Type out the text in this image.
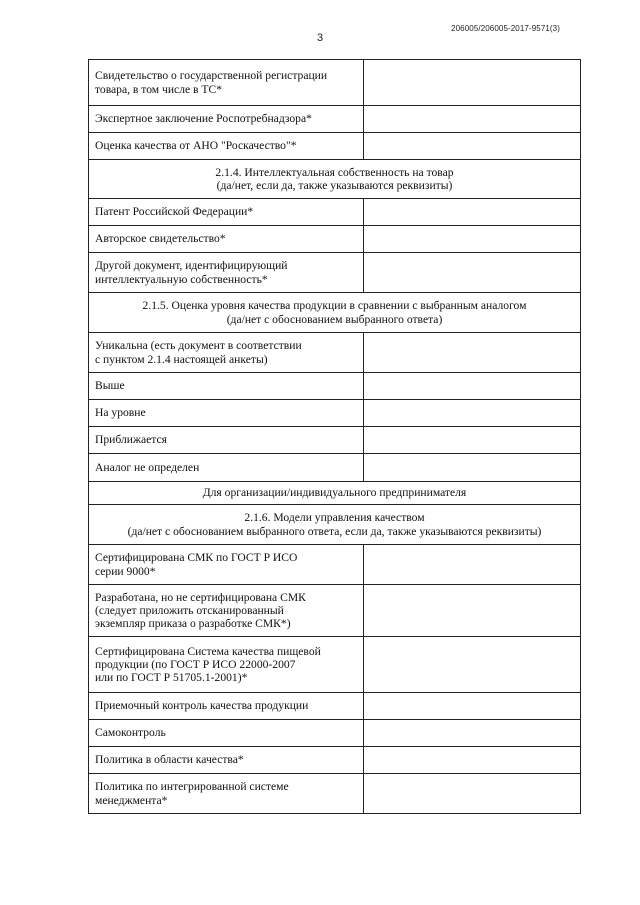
206005/206005-2017-9571(3)
3
Свидетельство о государственной регистрации
товара, в том числе в ТС*	
Экспертное заключение Роспотребнадзора*	
Оценка качества от АНО "Роскачество"*	
2.1.4. Интеллектуальная собственность на товар
(да/нет, если да, также указываются реквизиты)	
Патент Российской Федерации*	
Авторское свидетельство*	
Другой документ, идентифицирующий
интеллектуальную собственность*	
2.1.5. Оценка уровня качества продукции в сравнении с выбранным аналогом
(да/нет с обоснованием выбранного ответа)	
Уникальна (есть документ в соответствии
с пунктом 2.1.4 настоящей анкеты)	
Выше	
На уровне	
Приближается	
Аналог не определен	
Для организации/индивидуального предпринимателя	
2.1.6. Модели управления качеством
(да/нет с обоснованием выбранного ответа, если да, также указываются реквизиты)	
Сертифицирована СМК по ГОСТ Р ИСО
серии 9000*	
Разработана, но не сертифицирована СМК
(следует приложить отсканированный
экземпляр приказа о разработке СМК*)	
Сертифицирована Система качества пищевой
продукции (по ГОСТ Р ИСО 22000-2007
или по ГОСТ Р 51705.1-2001)*	
Приемочный контроль качества продукции	
Самоконтроль	
Политика в области качества*	
Политика по интегрированной системе
менеджмента*	
